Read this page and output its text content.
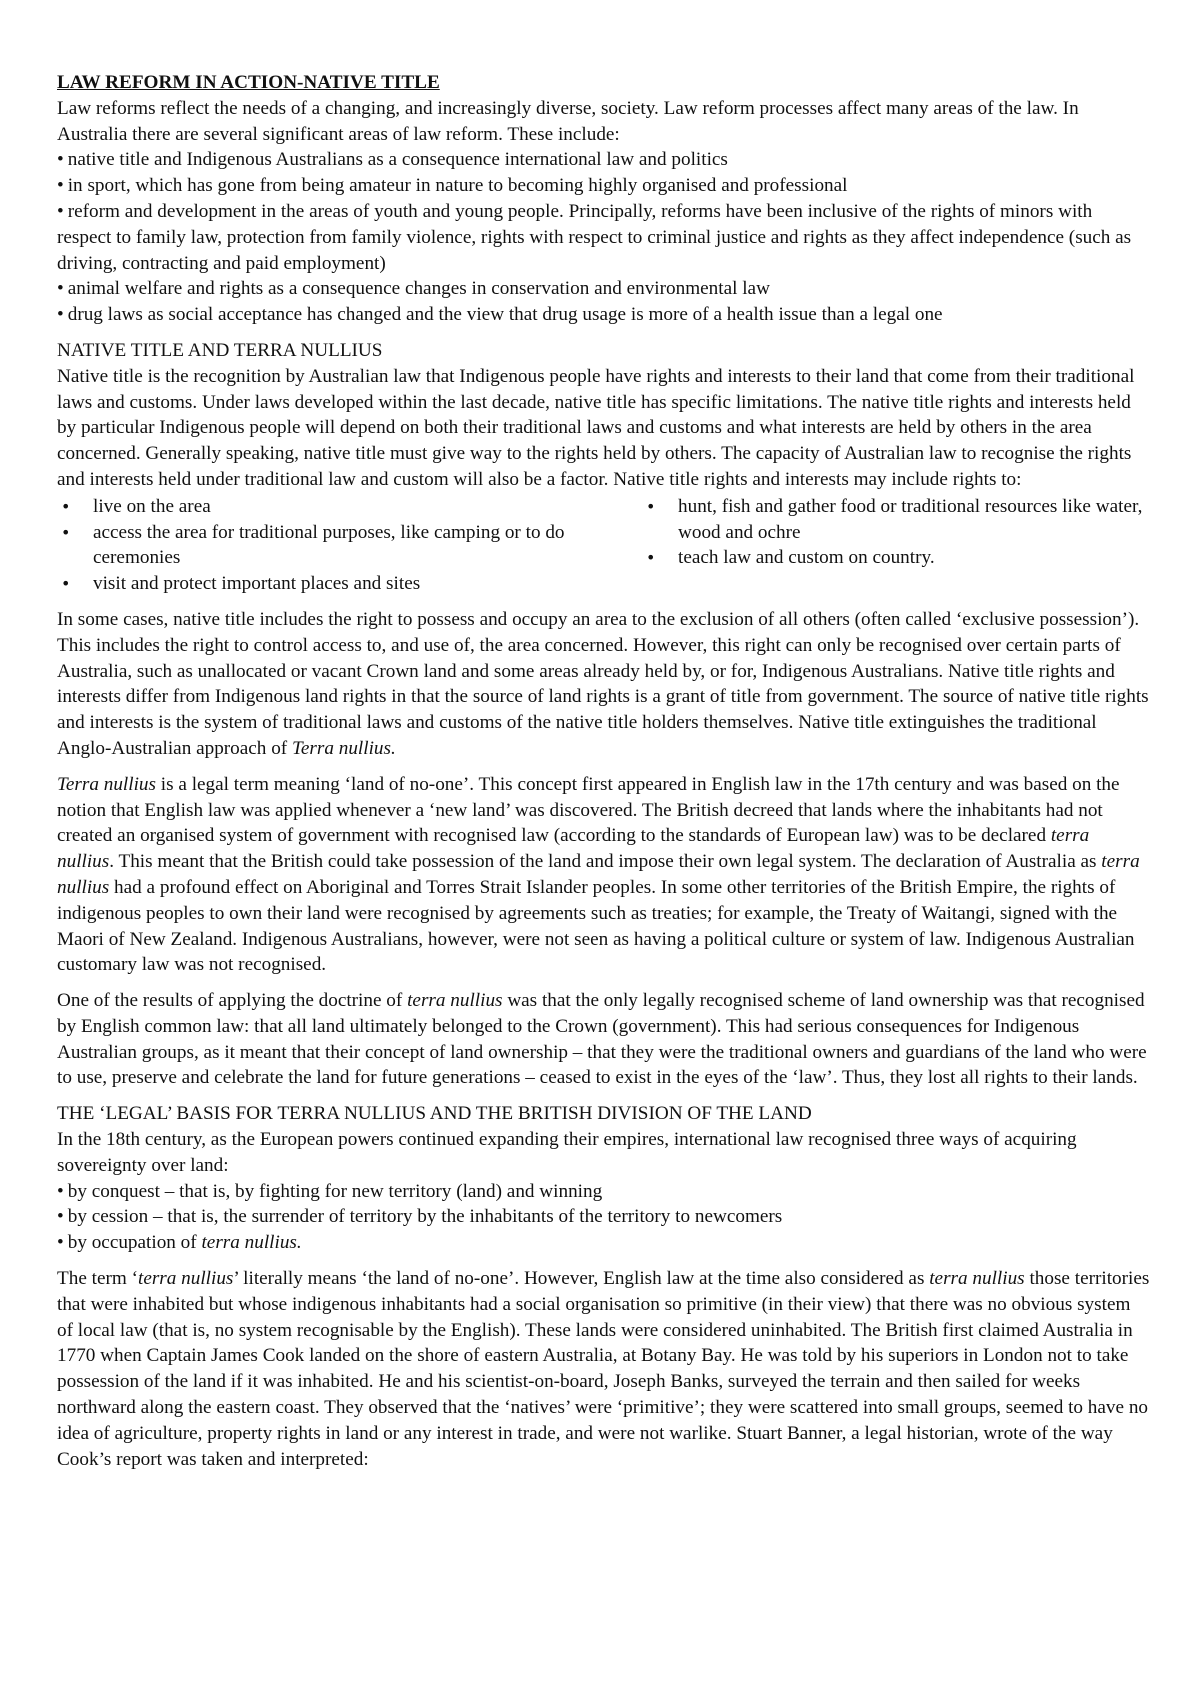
LAW REFORM IN ACTION-NATIVE TITLE

Law reforms reflect the needs of a changing, and increasingly diverse, society. Law reform processes affect many areas of the law. In Australia there are several significant areas of law reform. These include:

• native title and Indigenous Australians as a consequence international law and politics
• in sport, which has gone from being amateur in nature to becoming highly organised and professional
• reform and development in the areas of youth and young people. Principally, reforms have been inclusive of the rights of minors with respect to family law, protection from family violence, rights with respect to criminal justice and rights as they affect independence (such as driving, contracting and paid employment)
• animal welfare and rights as a consequence changes in conservation and environmental law
• drug laws as social acceptance has changed and the view that drug usage is more of a health issue than a legal one

NATIVE TITLE AND TERRA NULLIUS

Native title is the recognition by Australian law that Indigenous people have rights and interests to their land that come from their traditional laws and customs. Under laws developed within the last decade, native title has specific limitations. The native title rights and interests held by particular Indigenous people will depend on both their traditional laws and customs and what interests are held by others in the area concerned. Generally speaking, native title must give way to the rights held by others. The capacity of Australian law to recognise the rights and interests held under traditional law and custom will also be a factor. Native title rights and interests may include rights to:

• live on the area
• access the area for traditional purposes, like camping or to do ceremonies
• visit and protect important places and sites
• hunt, fish and gather food or traditional resources like water, wood and ochre
• teach law and custom on country.

In some cases, native title includes the right to possess and occupy an area to the exclusion of all others (often called ‘exclusive possession’). This includes the right to control access to, and use of, the area concerned. However, this right can only be recognised over certain parts of Australia, such as unallocated or vacant Crown land and some areas already held by, or for, Indigenous Australians. Native title rights and interests differ from Indigenous land rights in that the source of land rights is a grant of title from government. The source of native title rights and interests is the system of traditional laws and customs of the native title holders themselves. Native title extinguishes the traditional Anglo-Australian approach of Terra nullius.

Terra nullius is a legal term meaning ‘land of no-one’. This concept first appeared in English law in the 17th century and was based on the notion that English law was applied whenever a ‘new land’ was discovered. The British decreed that lands where the inhabitants had not created an organised system of government with recognised law (according to the standards of European law) was to be declared terra nullius. This meant that the British could take possession of the land and impose their own legal system. The declaration of Australia as terra nullius had a profound effect on Aboriginal and Torres Strait Islander peoples. In some other territories of the British Empire, the rights of indigenous peoples to own their land were recognised by agreements such as treaties; for example, the Treaty of Waitangi, signed with the Maori of New Zealand. Indigenous Australians, however, were not seen as having a political culture or system of law. Indigenous Australian customary law was not recognised.

One of the results of applying the doctrine of terra nullius was that the only legally recognised scheme of land ownership was that recognised by English common law: that all land ultimately belonged to the Crown (government). This had serious consequences for Indigenous Australian groups, as it meant that their concept of land ownership – that they were the traditional owners and guardians of the land who were to use, preserve and celebrate the land for future generations – ceased to exist in the eyes of the ‘law’. Thus, they lost all rights to their lands.

THE ‘LEGAL’ BASIS FOR TERRA NULLIUS AND THE BRITISH DIVISION OF THE LAND

In the 18th century, as the European powers continued expanding their empires, international law recognised three ways of acquiring sovereignty over land:

• by conquest – that is, by fighting for new territory (land) and winning
• by cession – that is, the surrender of territory by the inhabitants of the territory to newcomers
• by occupation of terra nullius.

The term ‘terra nullius’ literally means ‘the land of no-one’. However, English law at the time also considered as terra nullius those territories that were inhabited but whose indigenous inhabitants had a social organisation so primitive (in their view) that there was no obvious system of local law (that is, no system recognisable by the English). These lands were considered uninhabited. The British first claimed Australia in 1770 when Captain James Cook landed on the shore of eastern Australia, at Botany Bay. He was told by his superiors in London not to take possession of the land if it was inhabited. He and his scientist-on-board, Joseph Banks, surveyed the terrain and then sailed for weeks northward along the eastern coast. They observed that the ‘natives’ were ‘primitive’; they were scattered into small groups, seemed to have no idea of agriculture, property rights in land or any interest in trade, and were not warlike. Stuart Banner, a legal historian, wrote of the way Cook’s report was taken and interpreted:
